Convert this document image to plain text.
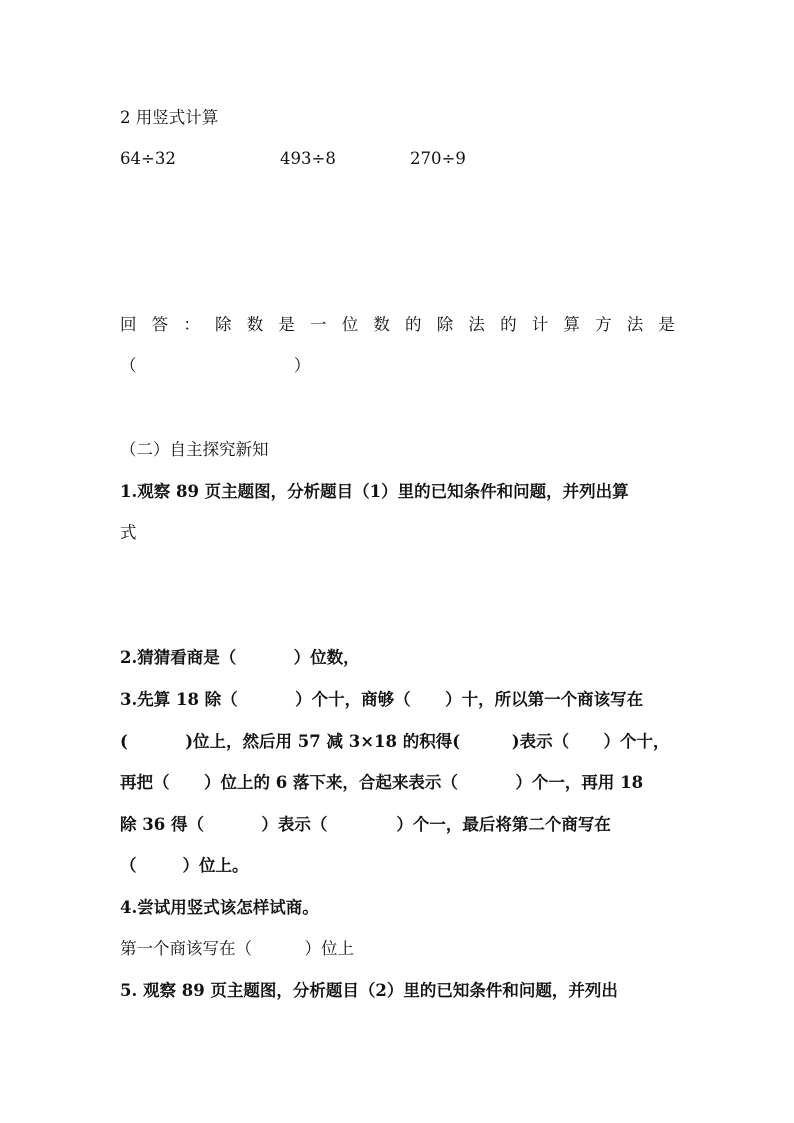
2 用竖式计算
64÷32	493÷8	270÷9
回 答 ： 除 数 是 一 位 数 的 除 法 的 计 算 方 法 是
（                              ）
（二）自主探究新知
1.观察 89 页主题图，分析题目（1）里的已知条件和问题，并列出算
式
2.猜猜看商是（          ）位数，
3.先算 18 除（          ）个十，商够（      ）十，所以第一个商该写在
(          )位上，然后用 57 减 3×18 的积得(         )表示（      ）个十，
再把（      ）位上的 6 落下来，合起来表示（          ）个一，再用 18
除 36 得（          ）表示（            ）个一，最后将第二个商写在
（        ）位上。
4.尝试用竖式该怎样试商。
第一个商该写在（          ）位上
5. 观察 89 页主题图，分析题目（2）里的已知条件和问题，并列出
